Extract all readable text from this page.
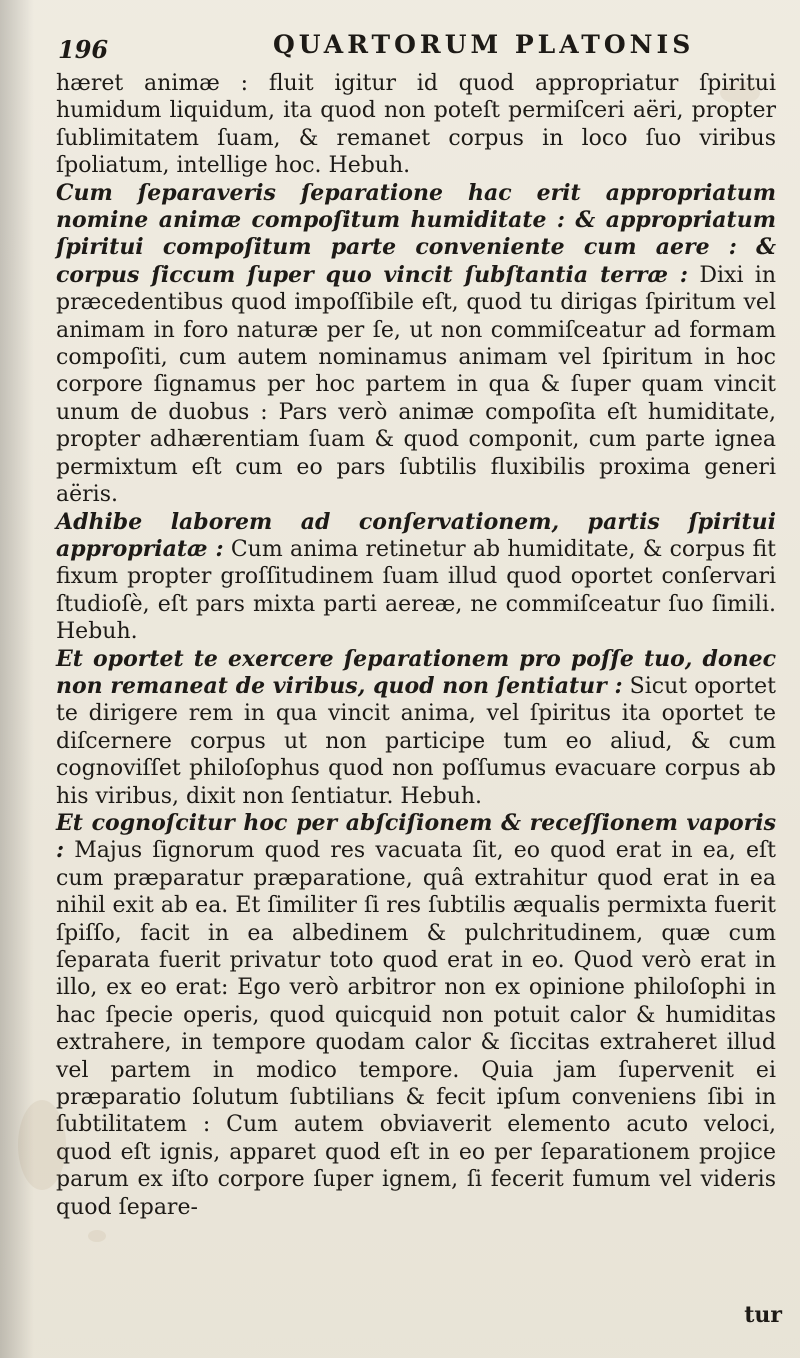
196	QUARTORUM PLATONIS

hæret animæ : fluit igitur id quod appropriatur ſpiritui humidum liquidum, ita quod non poteſt permiſceri aëri, propter ſublimitatem ſuam, & remanet corpus in loco ſuo viribus ſpoliatum, intellige hoc. Hebuh.

Cum ſeparaveris ſeparatione hac erit appropriatum nomine animæ compoſitum humiditate : & appropriatum ſpiritui compoſitum parte conveniente cum aere : & corpus ſiccum ſuper quo vincit ſubſtantia terræ : Dixi in præcedentibus quod impoſſibile eſt, quod tu dirigas ſpiritum vel animam in foro naturæ per ſe, ut non commiſceatur ad formam compoſiti, cum autem nominamus animam vel ſpiritum in hoc corpore ſignamus per hoc partem in qua & ſuper quam vincit unum de duobus : Pars verò animæ compoſita eſt humiditate, propter adhærentiam ſuam & quod componit, cum parte ignea permixtum eſt cum eo pars ſubtilis fluxibilis proxima generi aëris.

Adhibe laborem ad conſervationem, partis ſpiritui appropriatæ : Cum anima retinetur ab humiditate, & corpus fit fixum propter groſſitudinem ſuam illud quod oportet conſervari ſtudioſè, eſt pars mixta parti aereæ, ne commiſceatur ſuo ſimili. Hebuh.

Et oportet te exercere ſeparationem pro poſſe tuo, donec non remaneat de viribus, quod non ſentiatur : Sicut oportet te dirigere rem in qua vincit anima, vel ſpiritus ita oportet te diſcernere corpus ut non participe tum eo aliud, & cum cognoviſſet philoſophus quod non poſſumus evacuare corpus ab his viribus, dixit non ſentiatur. Hebuh.

Et cognoſcitur hoc per abſciſionem & receſſionem vaporis : Majus ſignorum quod res vacuata ſit, eo quod erat in ea, eſt cum præparatur præparatione, quâ extrahitur quod erat in ea nihil exit ab ea. Et ſimiliter ſi res ſubtilis æqualis permixta fuerit ſpiſſo, facit in ea albedinem & pulchritudinem, quæ cum ſeparata fuerit privatur toto quod erat in eo. Quod verò erat in illo, ex eo erat: Ego verò arbitror non ex opinione philoſophi in hac ſpecie operis, quod quicquid non potuit calor & humiditas extrahere, in tempore quodam calor & ſiccitas extraheret illud vel partem in modico tempore. Quia jam ſupervenit ei præparatio ſolutum ſubtilians & fecit ipſum conveniens ſibi in ſubtilitatem : Cum autem obviaverit elemento acuto veloci, quod eſt ignis, apparet quod eſt in eo per ſeparationem projice parum ex iſto corpore ſuper ignem, ſi fecerit fumum vel videris quod ſepare-

tur
